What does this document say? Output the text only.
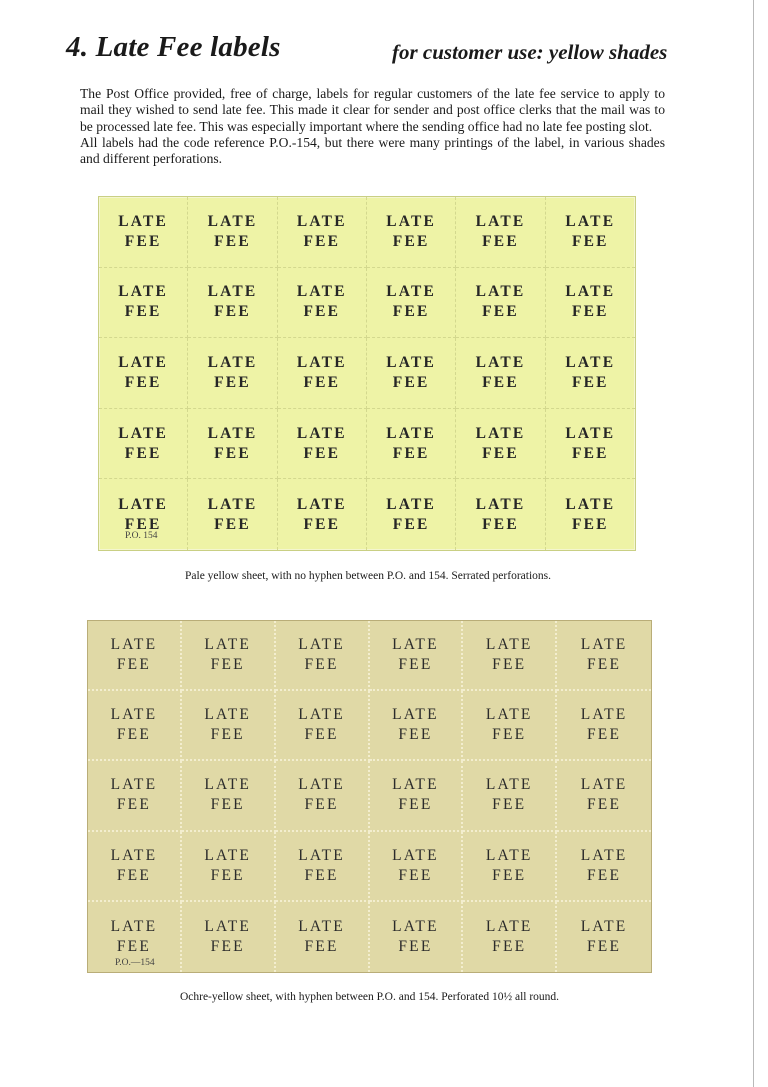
4. Late Fee labels	for customer use: yellow shades

The Post Office provided, free of charge, labels for regular customers of the late fee service to apply to mail they wished to send late fee. This made it clear for sender and post office clerks that the mail was to be processed late fee. This was especially important where the sending office had no late fee posting slot.

All labels had the code reference P.O.-154, but there were many printings of the label, in various shades and different perforations.

LATE
FEE
LATE
FEE
LATE
FEE
LATE
FEE
LATE
FEE
LATE
FEE
LATE
FEE
LATE
FEE
LATE
FEE
LATE
FEE
LATE
FEE
LATE
FEE
LATE
FEE
LATE
FEE
LATE
FEE
LATE
FEE
LATE
FEE
LATE
FEE
LATE
FEE
LATE
FEE
LATE
FEE
LATE
FEE
LATE
FEE
LATE
FEE
LATE
FEE
LATE
FEE
LATE
FEE
LATE
FEE
LATE
FEE
LATE
FEE
P.O. 154
Pale yellow sheet, with no hyphen between P.O. and 154. Serrated perforations.
LATE
FEE
LATE
FEE
LATE
FEE
LATE
FEE
LATE
FEE
LATE
FEE
LATE
FEE
LATE
FEE
LATE
FEE
LATE
FEE
LATE
FEE
LATE
FEE
LATE
FEE
LATE
FEE
LATE
FEE
LATE
FEE
LATE
FEE
LATE
FEE
LATE
FEE
LATE
FEE
LATE
FEE
LATE
FEE
LATE
FEE
LATE
FEE
LATE
FEE
LATE
FEE
LATE
FEE
LATE
FEE
LATE
FEE
LATE
FEE
P.O.—154
Ochre-yellow sheet, with hyphen between P.O. and 154. Perforated 10½ all round.
